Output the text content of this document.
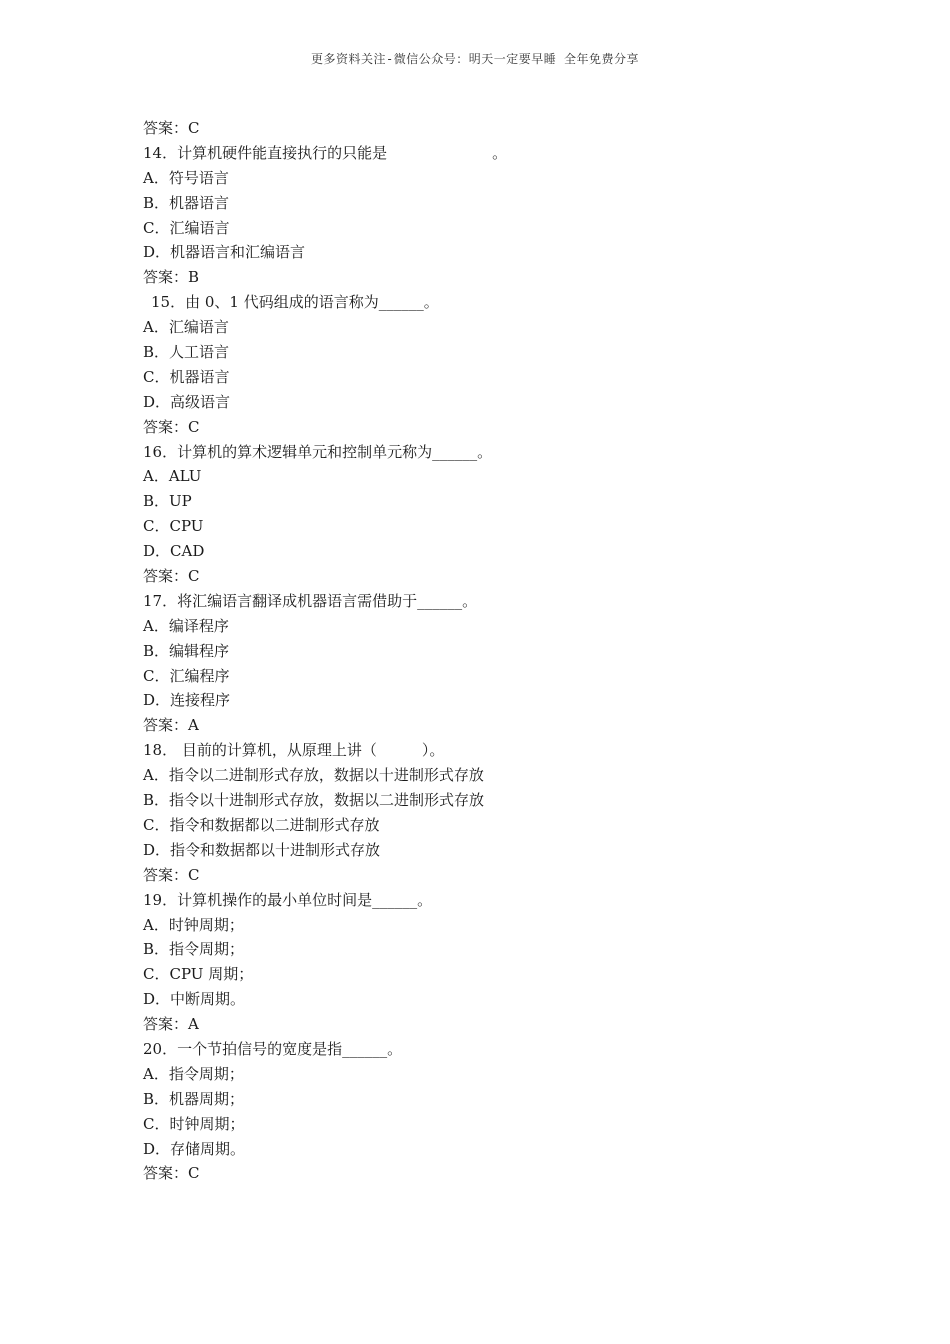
更多资料关注-微信公众号：明天一定要早睡 全年免费分享
答案：C
14．计算机硬件能直接执行的只能是　　　　　　　。
A．符号语言
B．机器语言
C．汇编语言
D．机器语言和汇编语言
答案：B
15．由 0、1 代码组成的语言称为______。
A．汇编语言
B．人工语言
C．机器语言
D．高级语言
答案：C
16．计算机的算术逻辑单元和控制单元称为______。
A．ALU
B．UP
C．CPU
D．CAD
答案：C
17．将汇编语言翻译成机器语言需借助于______。
A．编译程序
B．编辑程序
C．汇编程序
D．连接程序
答案：A
18． 目前的计算机，从原理上讲（　　　）。
A．指令以二进制形式存放，数据以十进制形式存放
B．指令以十进制形式存放，数据以二进制形式存放
C．指令和数据都以二进制形式存放
D．指令和数据都以十进制形式存放
答案：C
19．计算机操作的最小单位时间是______。
A．时钟周期；
B．指令周期；
C．CPU 周期；
D．中断周期。
答案：A
20．一个节拍信号的宽度是指______。
A．指令周期；
B．机器周期；
C．时钟周期；
D．存储周期。
答案：C
